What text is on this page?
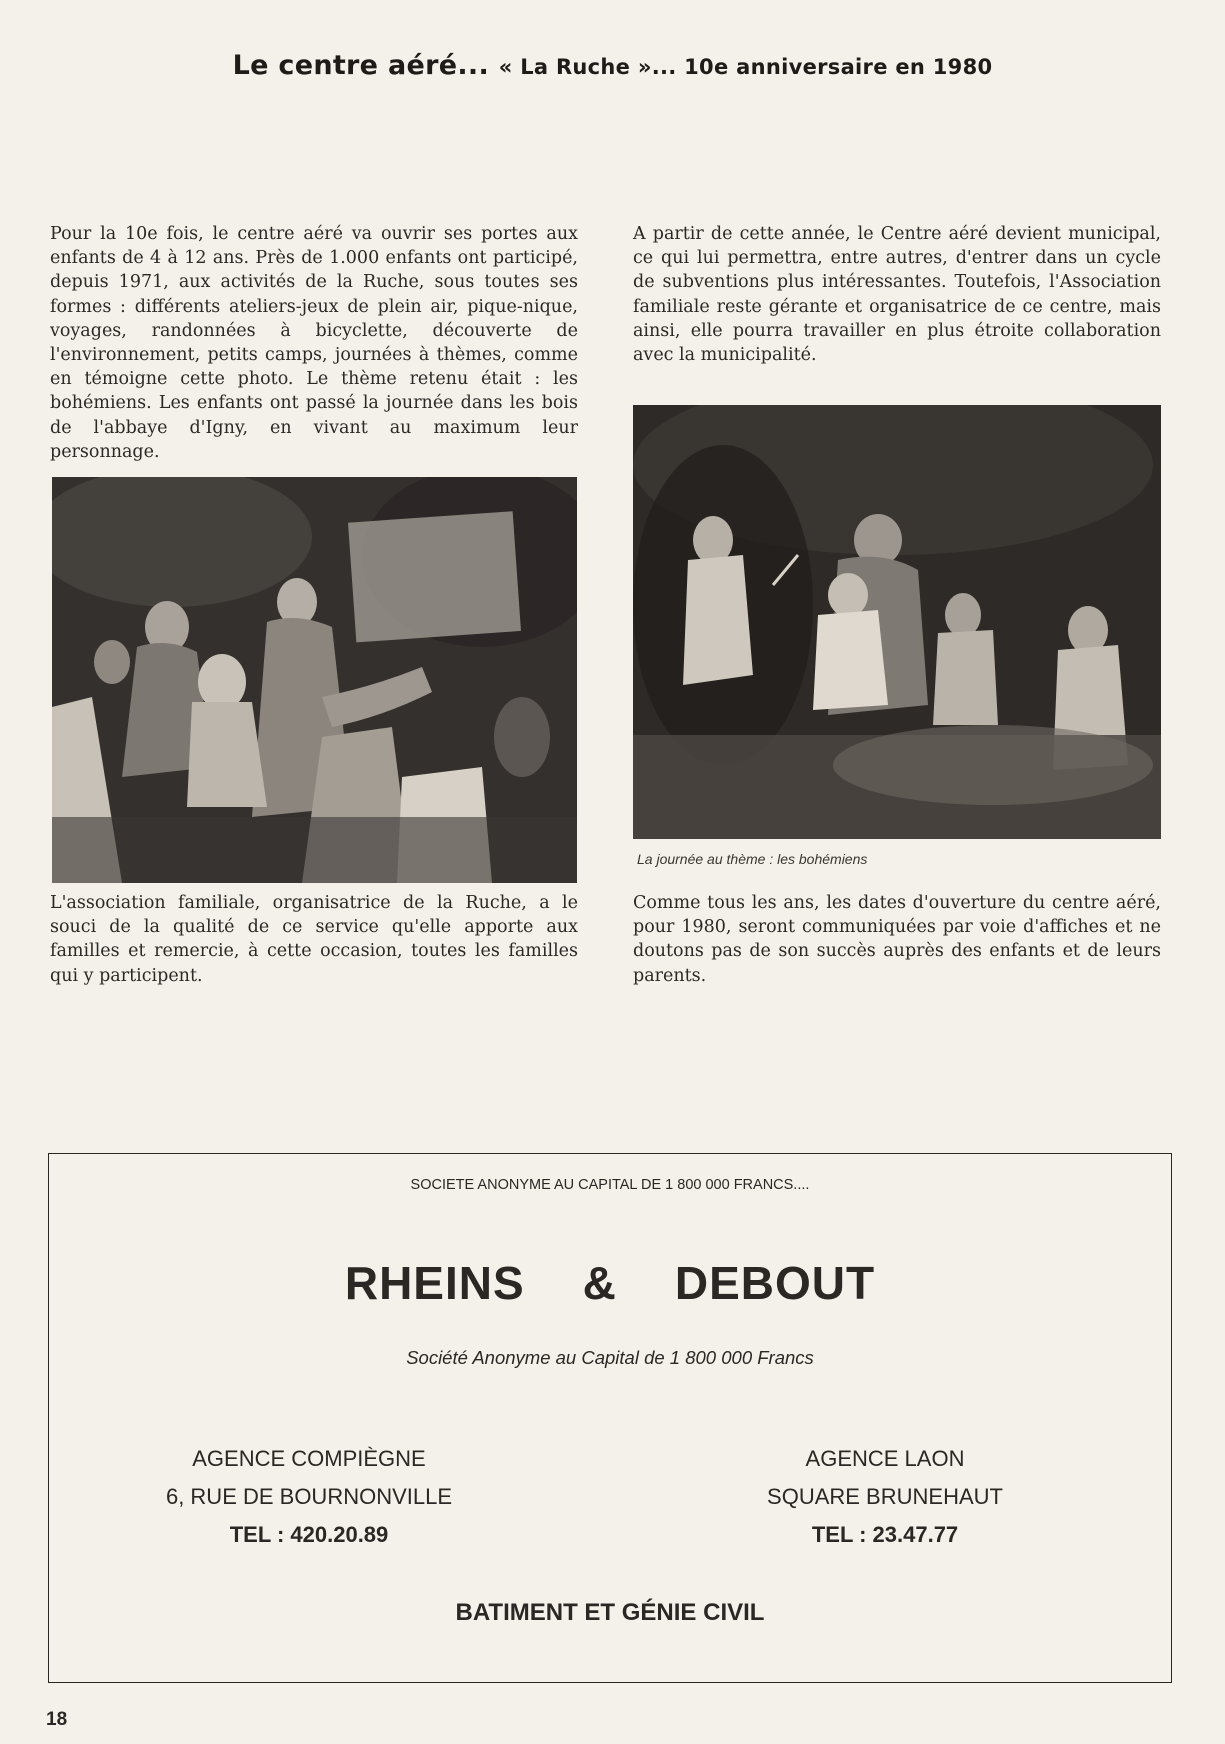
Le centre aéré... « La Ruche »... 10e anniversaire en 1980

Pour la 10e fois, le centre aéré va ouvrir ses portes aux enfants de 4 à 12 ans. Près de 1.000 enfants ont participé, depuis 1971, aux activités de la Ruche, sous toutes ses formes : différents ateliers-jeux de plein air, pique-nique, voyages, randonnées à bicyclette, découverte de l'environnement, petits camps, journées à thèmes, comme en témoigne cette photo. Le thème retenu était : les bohémiens. Les enfants ont passé la journée dans les bois de l'abbaye d'Igny, en vivant au maximum leur personnage.

A partir de cette année, le Centre aéré devient municipal, ce qui lui permettra, entre autres, d'entrer dans un cycle de subventions plus intéressantes. Toutefois, l'Association familiale reste gérante et organisatrice de ce centre, mais ainsi, elle pourra travailler en plus étroite collaboration avec la municipalité.

La journée au thème : les bohémiens

L'association familiale, organisatrice de la Ruche, a le souci de la qualité de ce service qu'elle apporte aux familles et remercie, à cette occasion, toutes les familles qui y participent.

Comme tous les ans, les dates d'ouverture du centre aéré, pour 1980, seront communiquées par voie d'affiches et ne doutons pas de son succès auprès des enfants et de leurs parents.

SOCIETE ANONYME AU CAPITAL DE 1 800 000 FRANCS....
RHEINS & DEBOUT
Société Anonyme au Capital de 1 800 000 Francs
AGENCE COMPIÈGNE
6, RUE DE BOURNONVILLE
TEL : 420.20.89
AGENCE LAON
SQUARE BRUNEHAUT
TEL : 23.47.77
BATIMENT ET GÉNIE CIVIL
18
